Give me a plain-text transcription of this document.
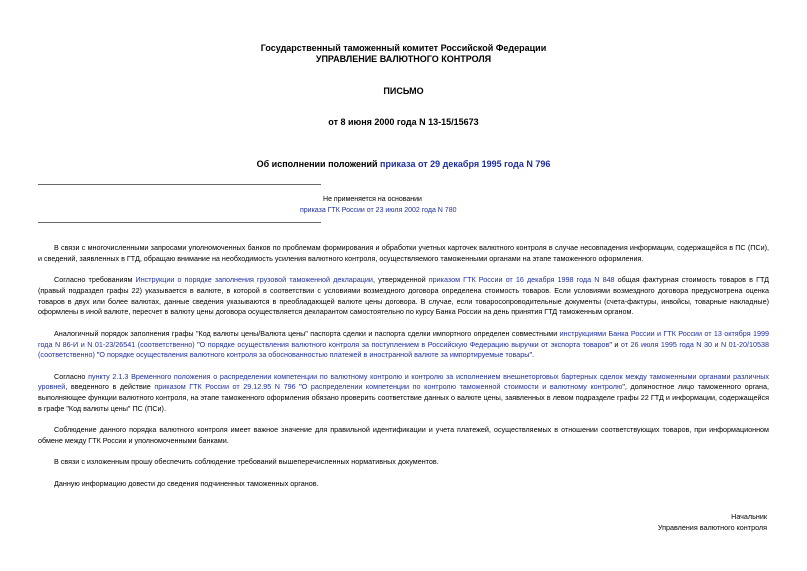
Государственный таможенный комитет Российской Федерации
УПРАВЛЕНИЕ ВАЛЮТНОГО КОНТРОЛЯ
ПИСЬМО
от 8 июня 2000 года N 13-15/15673
Об исполнении положений приказа от 29 декабря 1995 года N 796
Не применяется на основании
приказа ГТК России от 23 июля 2002 года N 780

В связи с многочисленными запросами уполномоченных банков по проблемам формирования и обработки учетных карточек валютного контроля в случае несовпадения информации, содержащейся в ПС (ПСи), и сведений, заявленных в ГТД, обращаю внимание на необходимость усиления валютного контроля, осуществляемого таможенными органами на этапе таможенного оформления.

Согласно требованиям Инструкции о порядке заполнения грузовой таможенной декларации, утвержденной приказом ГТК России от 16 декабря 1998 года N 848 общая фактурная стоимость товаров в ГТД (правый подраздел графы 22) указывается в валюте, в которой в соответствии с условиями возмездного договора определена стоимость товаров. Если условиями возмездного договора предусмотрена оценка товаров в двух или более валютах, данные сведения указываются в преобладающей валюте цены договора. В случае, если товаросопроводительные документы (счета-фактуры, инвойсы, товарные накладные) оформлены в иной валюте, пересчет в валюту цены договора осуществляется декларантом самостоятельно по курсу Банка России на день принятия ГТД таможенным органом.

Аналогичный порядок заполнения графы "Код валюты цены/Валюта цены" паспорта сделки и паспорта сделки импортного определен совместными инструкциями Банка России и ГТК России от 13 октября 1999 года N 86-И и N 01-23/26541 (соответственно) "О порядке осуществления валютного контроля за поступлением в Российскую Федерацию выручки от экспорта товаров" и от 26 июля 1995 года N 30 и N 01-20/10538 (соответственно) "О порядке осуществления валютного контроля за обоснованностью платежей в иностранной валюте за импортируемые товары".

Согласно пункту 2.1.3 Временного положения о распределении компетенции по валютному контролю и контролю за исполнением внешнеторговых бартерных сделок между таможенными органами различных уровней, введенного в действие приказом ГТК России от 29.12.95 N 796 "О распределении компетенции по контролю таможенной стоимости и валютному контролю", должностное лицо таможенного органа, выполняющее функции валютного контроля, на этапе таможенного оформления обязано проверить соответствие данных о валюте цены, заявленных в левом подразделе графы 22 ГТД и информации, содержащейся в графе "Код валюты цены" ПС (ПСи).

Соблюдение данного порядка валютного контроля имеет важное значение для правильной идентификации и учета платежей, осуществляемых в отношении соответствующих товаров, при информационном обмене между ГТК России и уполномоченными банками.

В связи с изложенным прошу обеспечить соблюдение требований вышеперечисленных нормативных документов.

Данную информацию довести до сведения подчиненных таможенных органов.

Начальник
Управления валютного контроля
